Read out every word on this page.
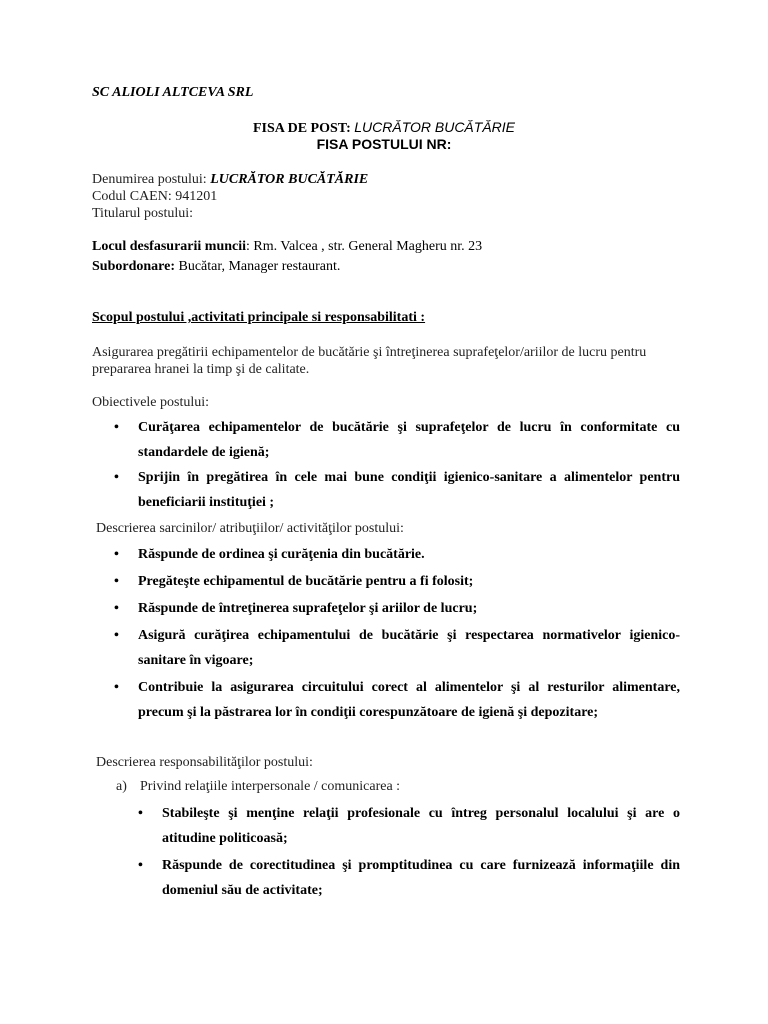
SC ALIOLI ALTCEVA SRL
FISA DE POST: LUCRĂTOR BUCĂTĂRIE
FISA POSTULUI NR:
Denumirea postului: LUCRĂTOR BUCĂTĂRIE
Codul CAEN: 941201
Titularul postului:
Locul desfasurarii muncii: Rm. Valcea , str. General Magheru nr. 23
Subordonare: Bucătar, Manager restaurant.
Scopul postului ,activitati principale si responsabilitati :
Asigurarea pregătirii echipamentelor de bucătărie şi întreţinerea suprafeţelor/ariilor de lucru pentru prepararea hranei la timp şi de calitate.
Obiectivele postului:
• Curăţarea echipamentelor de bucătărie şi suprafeţelor de lucru în conformitate cu standardele de igienă;
• Sprijin în pregătirea în cele mai bune condiţii igienico-sanitare a alimentelor pentru beneficiarii instituţiei ;
Descrierea sarcinilor/ atribuţiilor/ activităţilor postului:
• Răspunde de ordinea şi curăţenia din bucătărie.
• Pregăteşte echipamentul de bucătărie pentru a fi folosit;
• Răspunde de întreţinerea suprafeţelor şi ariilor de lucru;
• Asigură curăţirea echipamentului de bucătărie şi respectarea normativelor igienico-sanitare în vigoare;
• Contribuie la asigurarea circuitului corect al alimentelor şi al resturilor alimentare, precum şi la păstrarea lor în condiţii corespunzătoare de igienă şi depozitare;
Descrierea responsabilităţilor postului:
a) Privind relaţiile interpersonale / comunicarea :
• Stabileşte şi menţine relaţii profesionale cu întreg personalul localului şi are o atitudine politicoasă;
• Răspunde de corectitudinea şi promptitudinea cu care furnizează informaţiile din domeniul său de activitate;
